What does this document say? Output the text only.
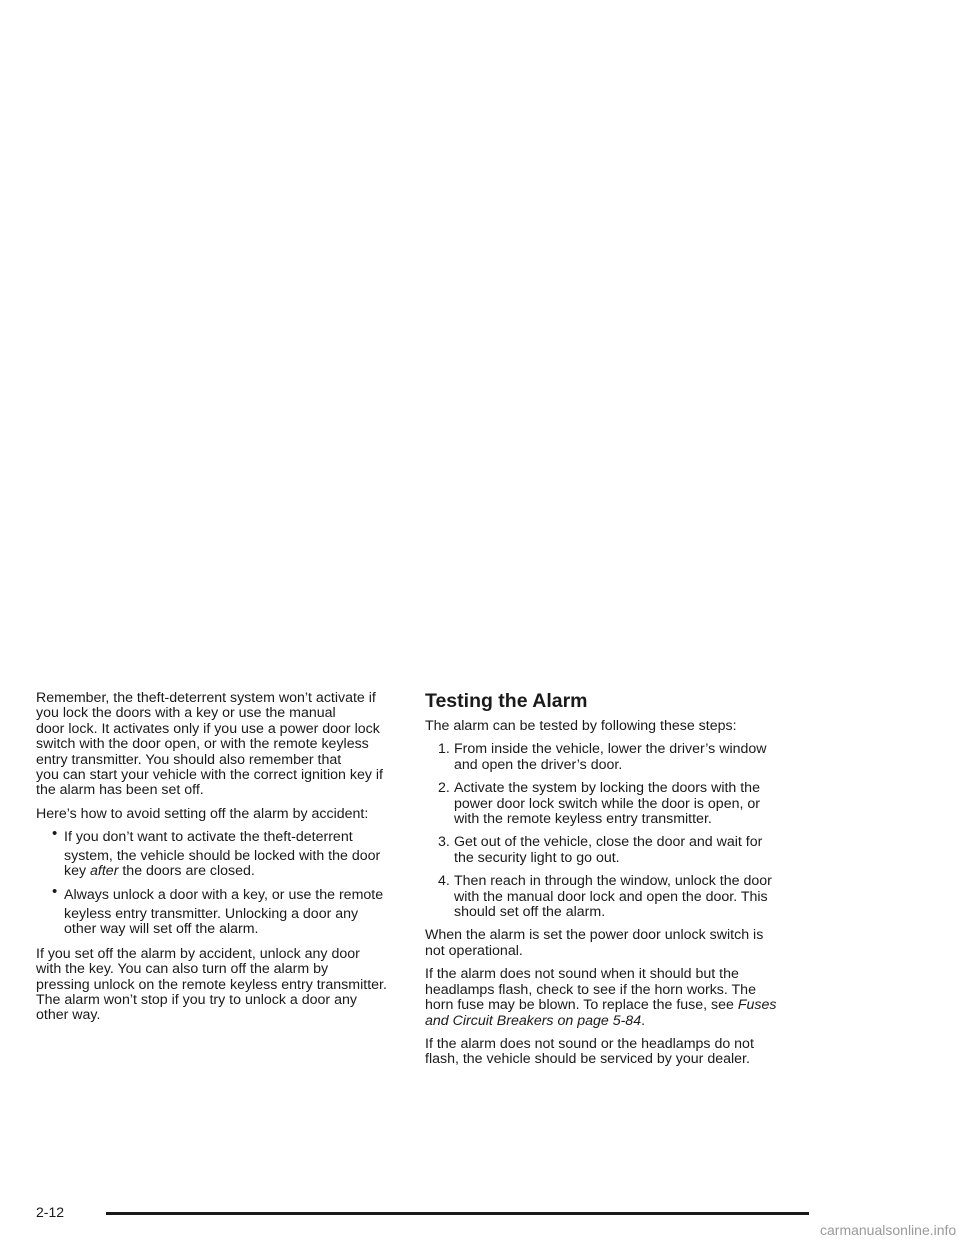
Remember, the theft-deterrent system won’t activate if
you lock the doors with a key or use the manual
door lock. It activates only if you use a power door lock
switch with the door open, or with the remote keyless
entry transmitter. You should also remember that
you can start your vehicle with the correct ignition key if
the alarm has been set off.

Here’s how to avoid setting off the alarm by accident:

• If you don’t want to activate the theft-deterrent
system, the vehicle should be locked with the door
key after the doors are closed.
• Always unlock a door with a key, or use the remote
keyless entry transmitter. Unlocking a door any
other way will set off the alarm.

If you set off the alarm by accident, unlock any door
with the key. You can also turn off the alarm by
pressing unlock on the remote keyless entry transmitter.
The alarm won’t stop if you try to unlock a door any
other way.

Testing the Alarm

The alarm can be tested by following these steps:

1. From inside the vehicle, lower the driver’s window
and open the driver’s door.
2. Activate the system by locking the doors with the
power door lock switch while the door is open, or
with the remote keyless entry transmitter.
3. Get out of the vehicle, close the door and wait for
the security light to go out.
4. Then reach in through the window, unlock the door
with the manual door lock and open the door. This
should set off the alarm.

When the alarm is set the power door unlock switch is
not operational.

If the alarm does not sound when it should but the
headlamps flash, check to see if the horn works. The
horn fuse may be blown. To replace the fuse, see Fuses
and Circuit Breakers on page 5-84.

If the alarm does not sound or the headlamps do not
flash, the vehicle should be serviced by your dealer.

2-12
carmanualsonline.info
